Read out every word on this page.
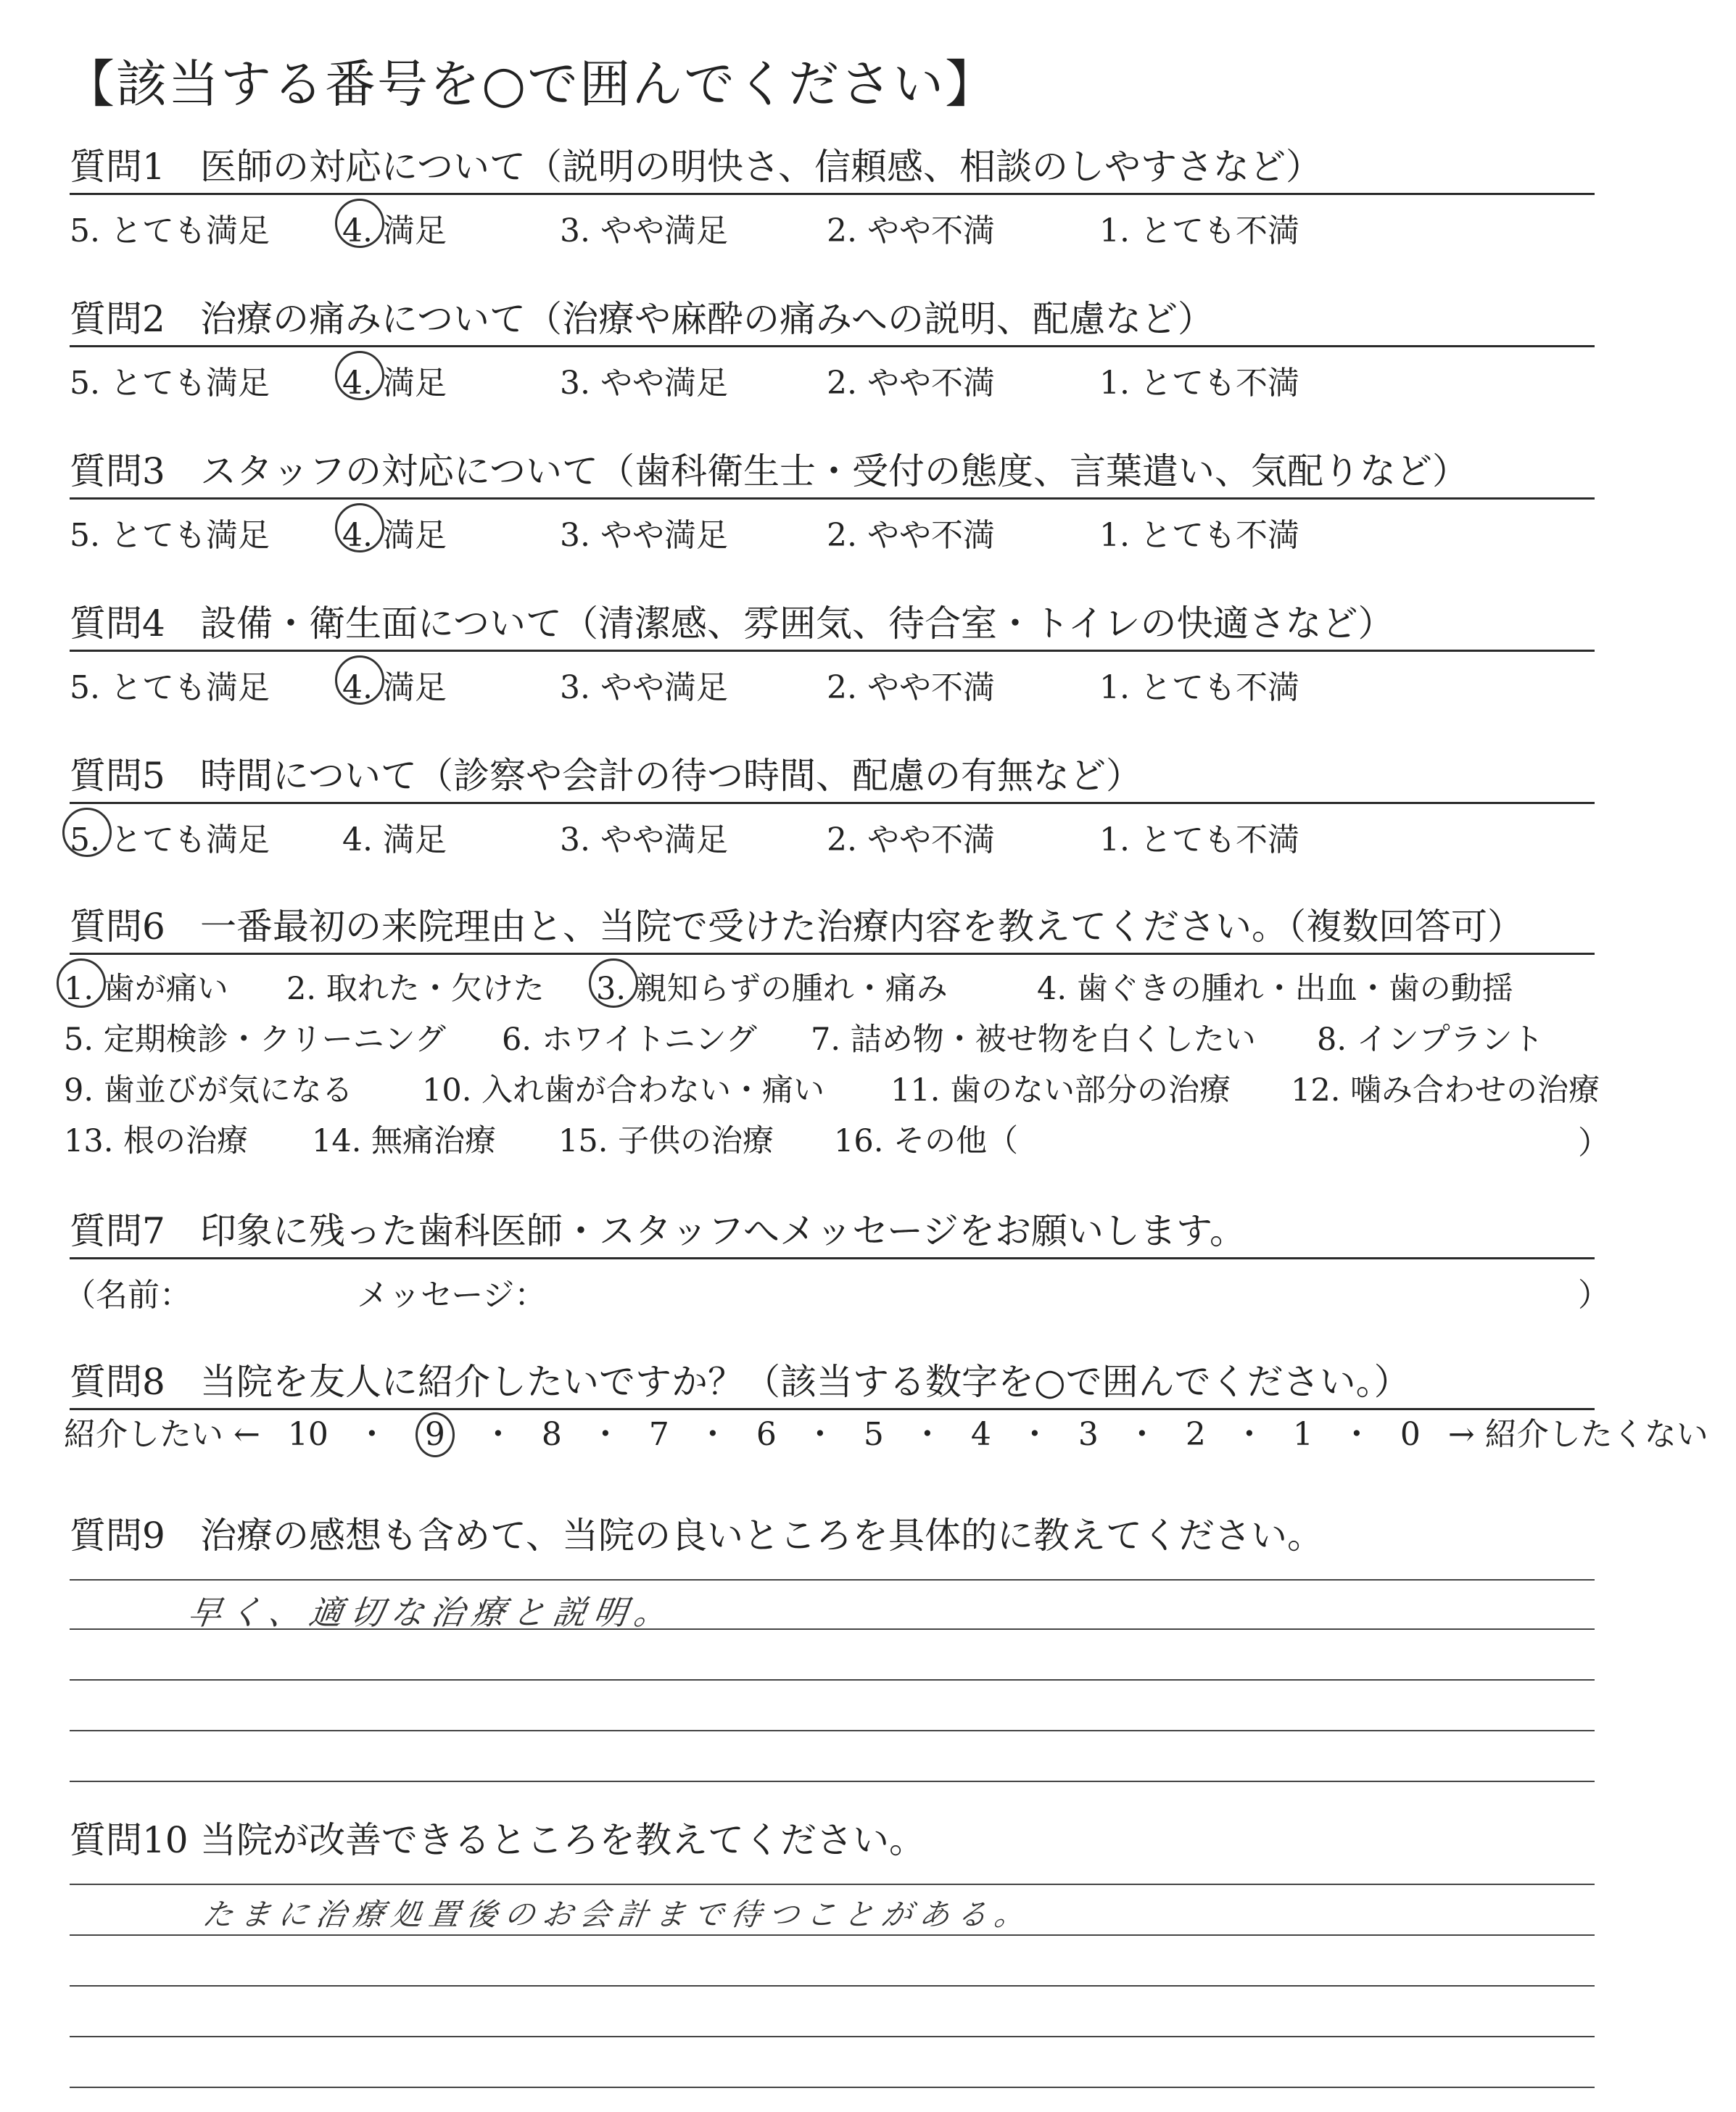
【該当する番号を○で囲んでください】
質問1 医師の対応について（説明の明快さ、信頼感、相談のしやすさなど）
5. とても満足 4. 満足	3. やや満足	2. やや不満	1. とても不満
質問2 治療の痛みについて（治療や麻酔の痛みへの説明、配慮など）
5. とても満足 4. 満足	3. やや満足	2. やや不満	1. とても不満
質問3 スタッフの対応について（歯科衛生士・受付の態度、言葉遣い、気配りなど）
5. とても満足 4. 満足	3. やや満足	2. やや不満	1. とても不満
質問4 設備・衛生面について（清潔感、雰囲気、待合室・トイレの快適さなど）
5. とても満足 4. 満足	3. やや満足	2. やや不満	1. とても不満
質問5 時間について（診察や会計の待つ時間、配慮の有無など）
5. とても満足 4. 満足	3. やや満足	2. やや不満	1. とても不満
質問6 一番最初の来院理由と、当院で受けた治療内容を教えてください。（複数回答可）
1. 歯が痛い 2. 取れた・欠けた 3. 親知らずの腫れ・痛み	4. 歯ぐきの腫れ・出血・歯の動揺
5. 定期検診・クリーニング 6. ホワイトニング 7. 詰め物・被せ物を白くしたい 8. インプラント
9. 歯並びが気になる 10. 入れ歯が合わない・痛い 11. 歯のない部分の治療 12. 噛み合わせの治療
13. 根の治療 14. 無痛治療 15. 子供の治療 16. その他（	）
質問7 印象に残った歯科医師・スタッフへメッセージをお願いします。
（名前：	メッセージ：	）
質問8 当院を友人に紹介したいですか？（該当する数字を○で囲んでください。）
紹介したい ← 10 ・ 9 ・ 8 ・ 7 ・ 6 ・ 5 ・ 4 ・ 3 ・ 2 ・ 1 ・ 0 → 紹介したくない
質問9 治療の感想も含めて、当院の良いところを具体的に教えてください。
早く、適切な治療と説明。
質問10 当院が改善できるところを教えてください。
たまに治療処置後のお会計まで待つことがある。
